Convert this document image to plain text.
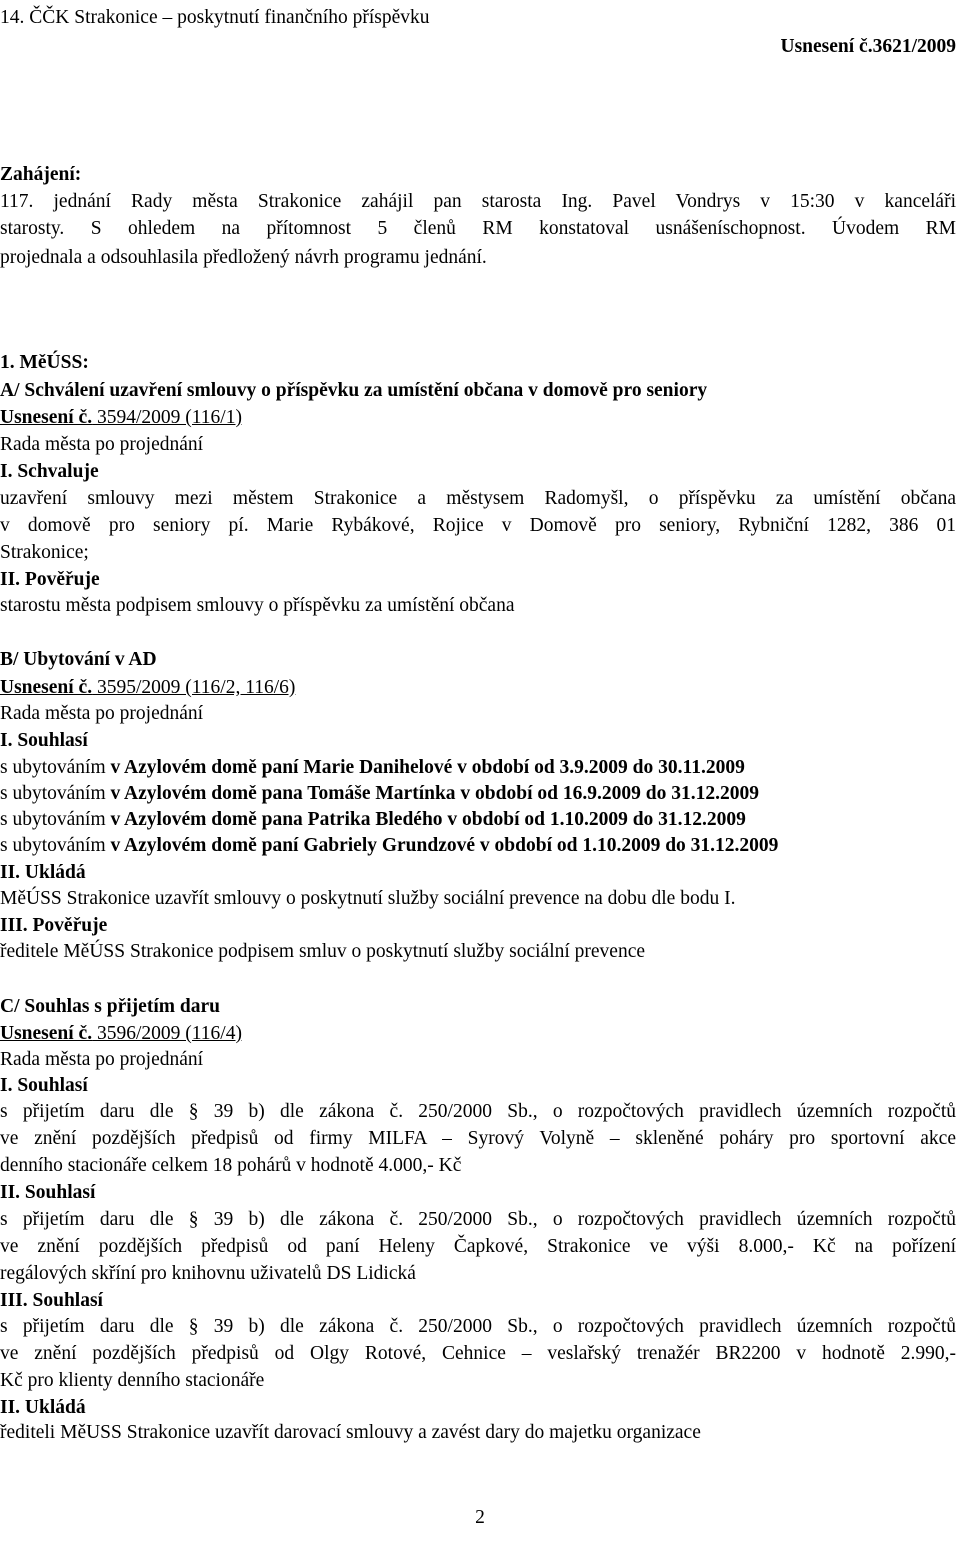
14. ČČK Strakonice – poskytnutí finančního příspěvku
Usnesení č.3621/2009
Zahájení:
117. jednání Rady města Strakonice zahájil pan starosta Ing. Pavel Vondrys v 15:30 v kanceláři
starosty. S ohledem na přítomnost 5 členů RM konstatoval usnášeníschopnost. Úvodem RM
projednala a odsouhlasila předložený návrh programu jednání.
1. MěÚSS:
A/ Schválení uzavření smlouvy o příspěvku za umístění občana v domově pro seniory
Usnesení č. 3594/2009 (116/1)
Rada města po projednání
I. Schvaluje
uzavření smlouvy mezi městem Strakonice a městysem Radomyšl, o příspěvku za umístění občana
v domově pro seniory pí. Marie Rybákové, Rojice v Domově pro seniory, Rybniční 1282, 386 01
Strakonice;
II. Pověřuje
starostu města podpisem smlouvy o příspěvku za umístění občana
B/ Ubytování v AD
Usnesení č. 3595/2009 (116/2, 116/6)
Rada města po projednání
I. Souhlasí
s ubytováním v Azylovém domě paní Marie Danihelové v období od 3.9.2009 do 30.11.2009
s ubytováním v Azylovém domě pana Tomáše Martínka v období od 16.9.2009 do 31.12.2009
s ubytováním v Azylovém domě pana Patrika Bledého v období od 1.10.2009 do 31.12.2009
s ubytováním v Azylovém domě paní Gabriely Grundzové v období od 1.10.2009 do 31.12.2009
II. Ukládá
MěÚSS Strakonice uzavřít smlouvy o poskytnutí služby sociální prevence na dobu dle bodu I.
III. Pověřuje
ředitele MěÚSS Strakonice podpisem smluv o poskytnutí služby sociální prevence
C/ Souhlas s přijetím daru
Usnesení č. 3596/2009 (116/4)
Rada města po projednání
I. Souhlasí
s přijetím daru dle § 39 b) dle zákona č. 250/2000 Sb., o rozpočtových pravidlech územních rozpočtů
ve znění pozdějších předpisů od firmy MILFA – Syrový Volyně – skleněné poháry pro sportovní akce
denního stacionáře celkem 18 pohárů v hodnotě 4.000,- Kč
II. Souhlasí
s přijetím daru dle § 39 b) dle zákona č. 250/2000 Sb., o rozpočtových pravidlech územních rozpočtů
ve znění pozdějších předpisů od paní Heleny Čapkové, Strakonice ve výši 8.000,- Kč na pořízení
regálových skříní pro knihovnu uživatelů DS Lidická
III. Souhlasí
s přijetím daru dle § 39 b) dle zákona č. 250/2000 Sb., o rozpočtových pravidlech územních rozpočtů
ve znění pozdějších předpisů od Olgy Rotové, Cehnice – veslařský trenažér BR2200 v hodnotě 2.990,-
Kč pro klienty denního stacionáře
II. Ukládá
řediteli MěUSS Strakonice uzavřít darovací smlouvy a zavést dary do majetku organizace
2
